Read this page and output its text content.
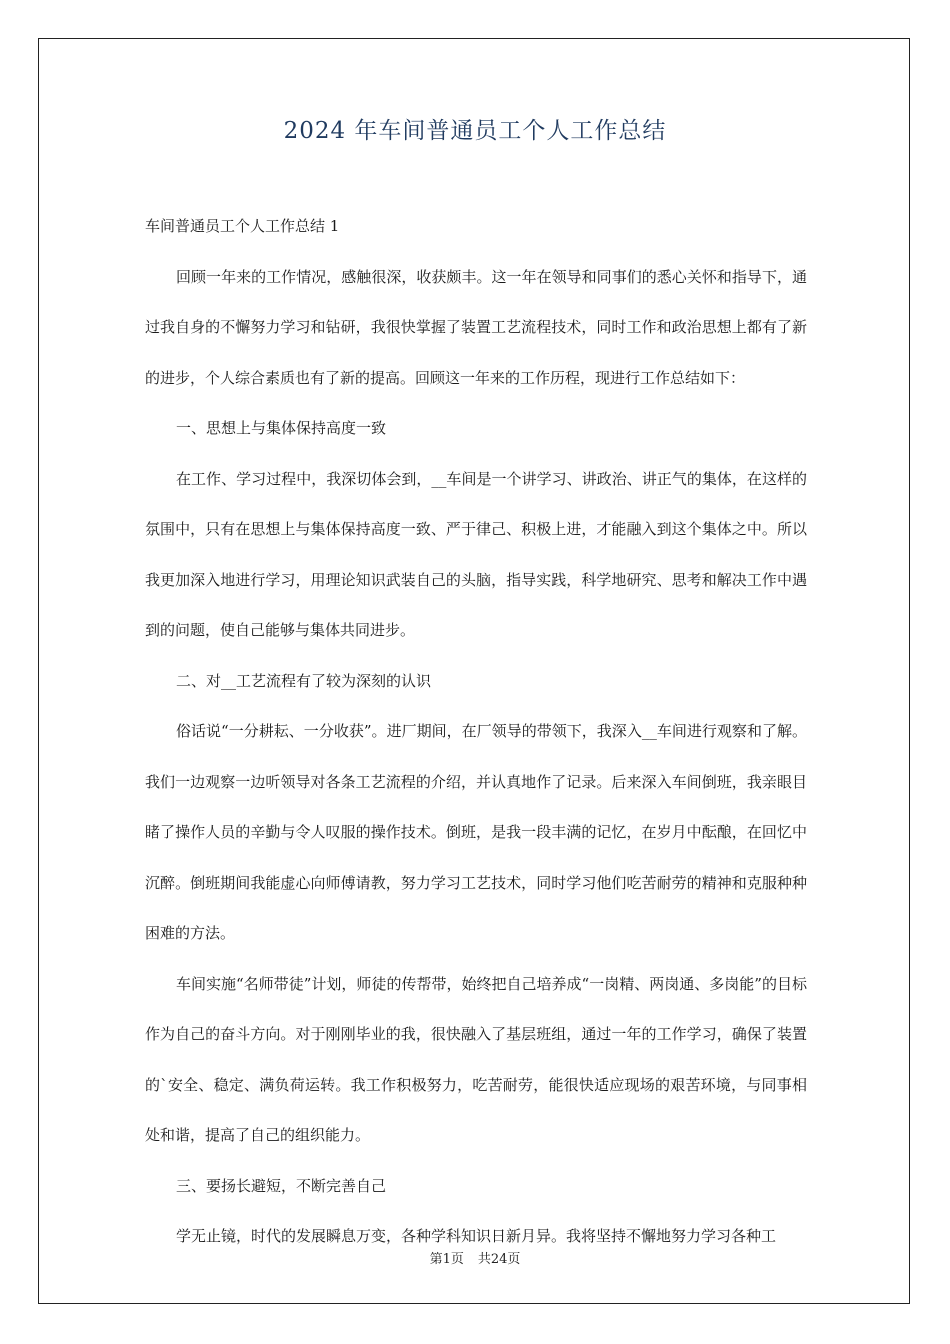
2024 年车间普通员工个人工作总结

车间普通员工个人工作总结 1

回顾一年来的工作情况，感触很深，收获颇丰。这一年在领导和同事们的悉心关怀和指导下，通过我自身的不懈努力学习和钻研，我很快掌握了装置工艺流程技术，同时工作和政治思想上都有了新的进步，个人综合素质也有了新的提高。回顾这一年来的工作历程，现进行工作总结如下：

一、思想上与集体保持高度一致

在工作、学习过程中，我深切体会到，__车间是一个讲学习、讲政治、讲正气的集体，在这样的氛围中，只有在思想上与集体保持高度一致、严于律己、积极上进，才能融入到这个集体之中。所以我更加深入地进行学习，用理论知识武装自己的头脑，指导实践，科学地研究、思考和解决工作中遇到的问题，使自己能够与集体共同进步。

二、对__工艺流程有了较为深刻的认识

俗话说“一分耕耘、一分收获”。进厂期间，在厂领导的带领下，我深入__车间进行观察和了解。我们一边观察一边听领导对各条工艺流程的介绍，并认真地作了记录。后来深入车间倒班，我亲眼目睹了操作人员的辛勤与令人叹服的操作技术。倒班，是我一段丰满的记忆，在岁月中酝酿，在回忆中沉醉。倒班期间我能虚心向师傅请教，努力学习工艺技术，同时学习他们吃苦耐劳的精神和克服种种困难的方法。

车间实施“名师带徒”计划，师徒的传帮带，始终把自己培养成“一岗精、两岗通、多岗能”的目标作为自己的奋斗方向。对于刚刚毕业的我，很快融入了基层班组，通过一年的工作学习，确保了装置的`安全、稳定、满负荷运转。我工作积极努力，吃苦耐劳，能很快适应现场的艰苦环境，与同事相处和谐，提高了自己的组织能力。

三、要扬长避短，不断完善自己

学无止镜，时代的发展瞬息万变，各种学科知识日新月异。我将坚持不懈地努力学习各种工

第1页 共24页
